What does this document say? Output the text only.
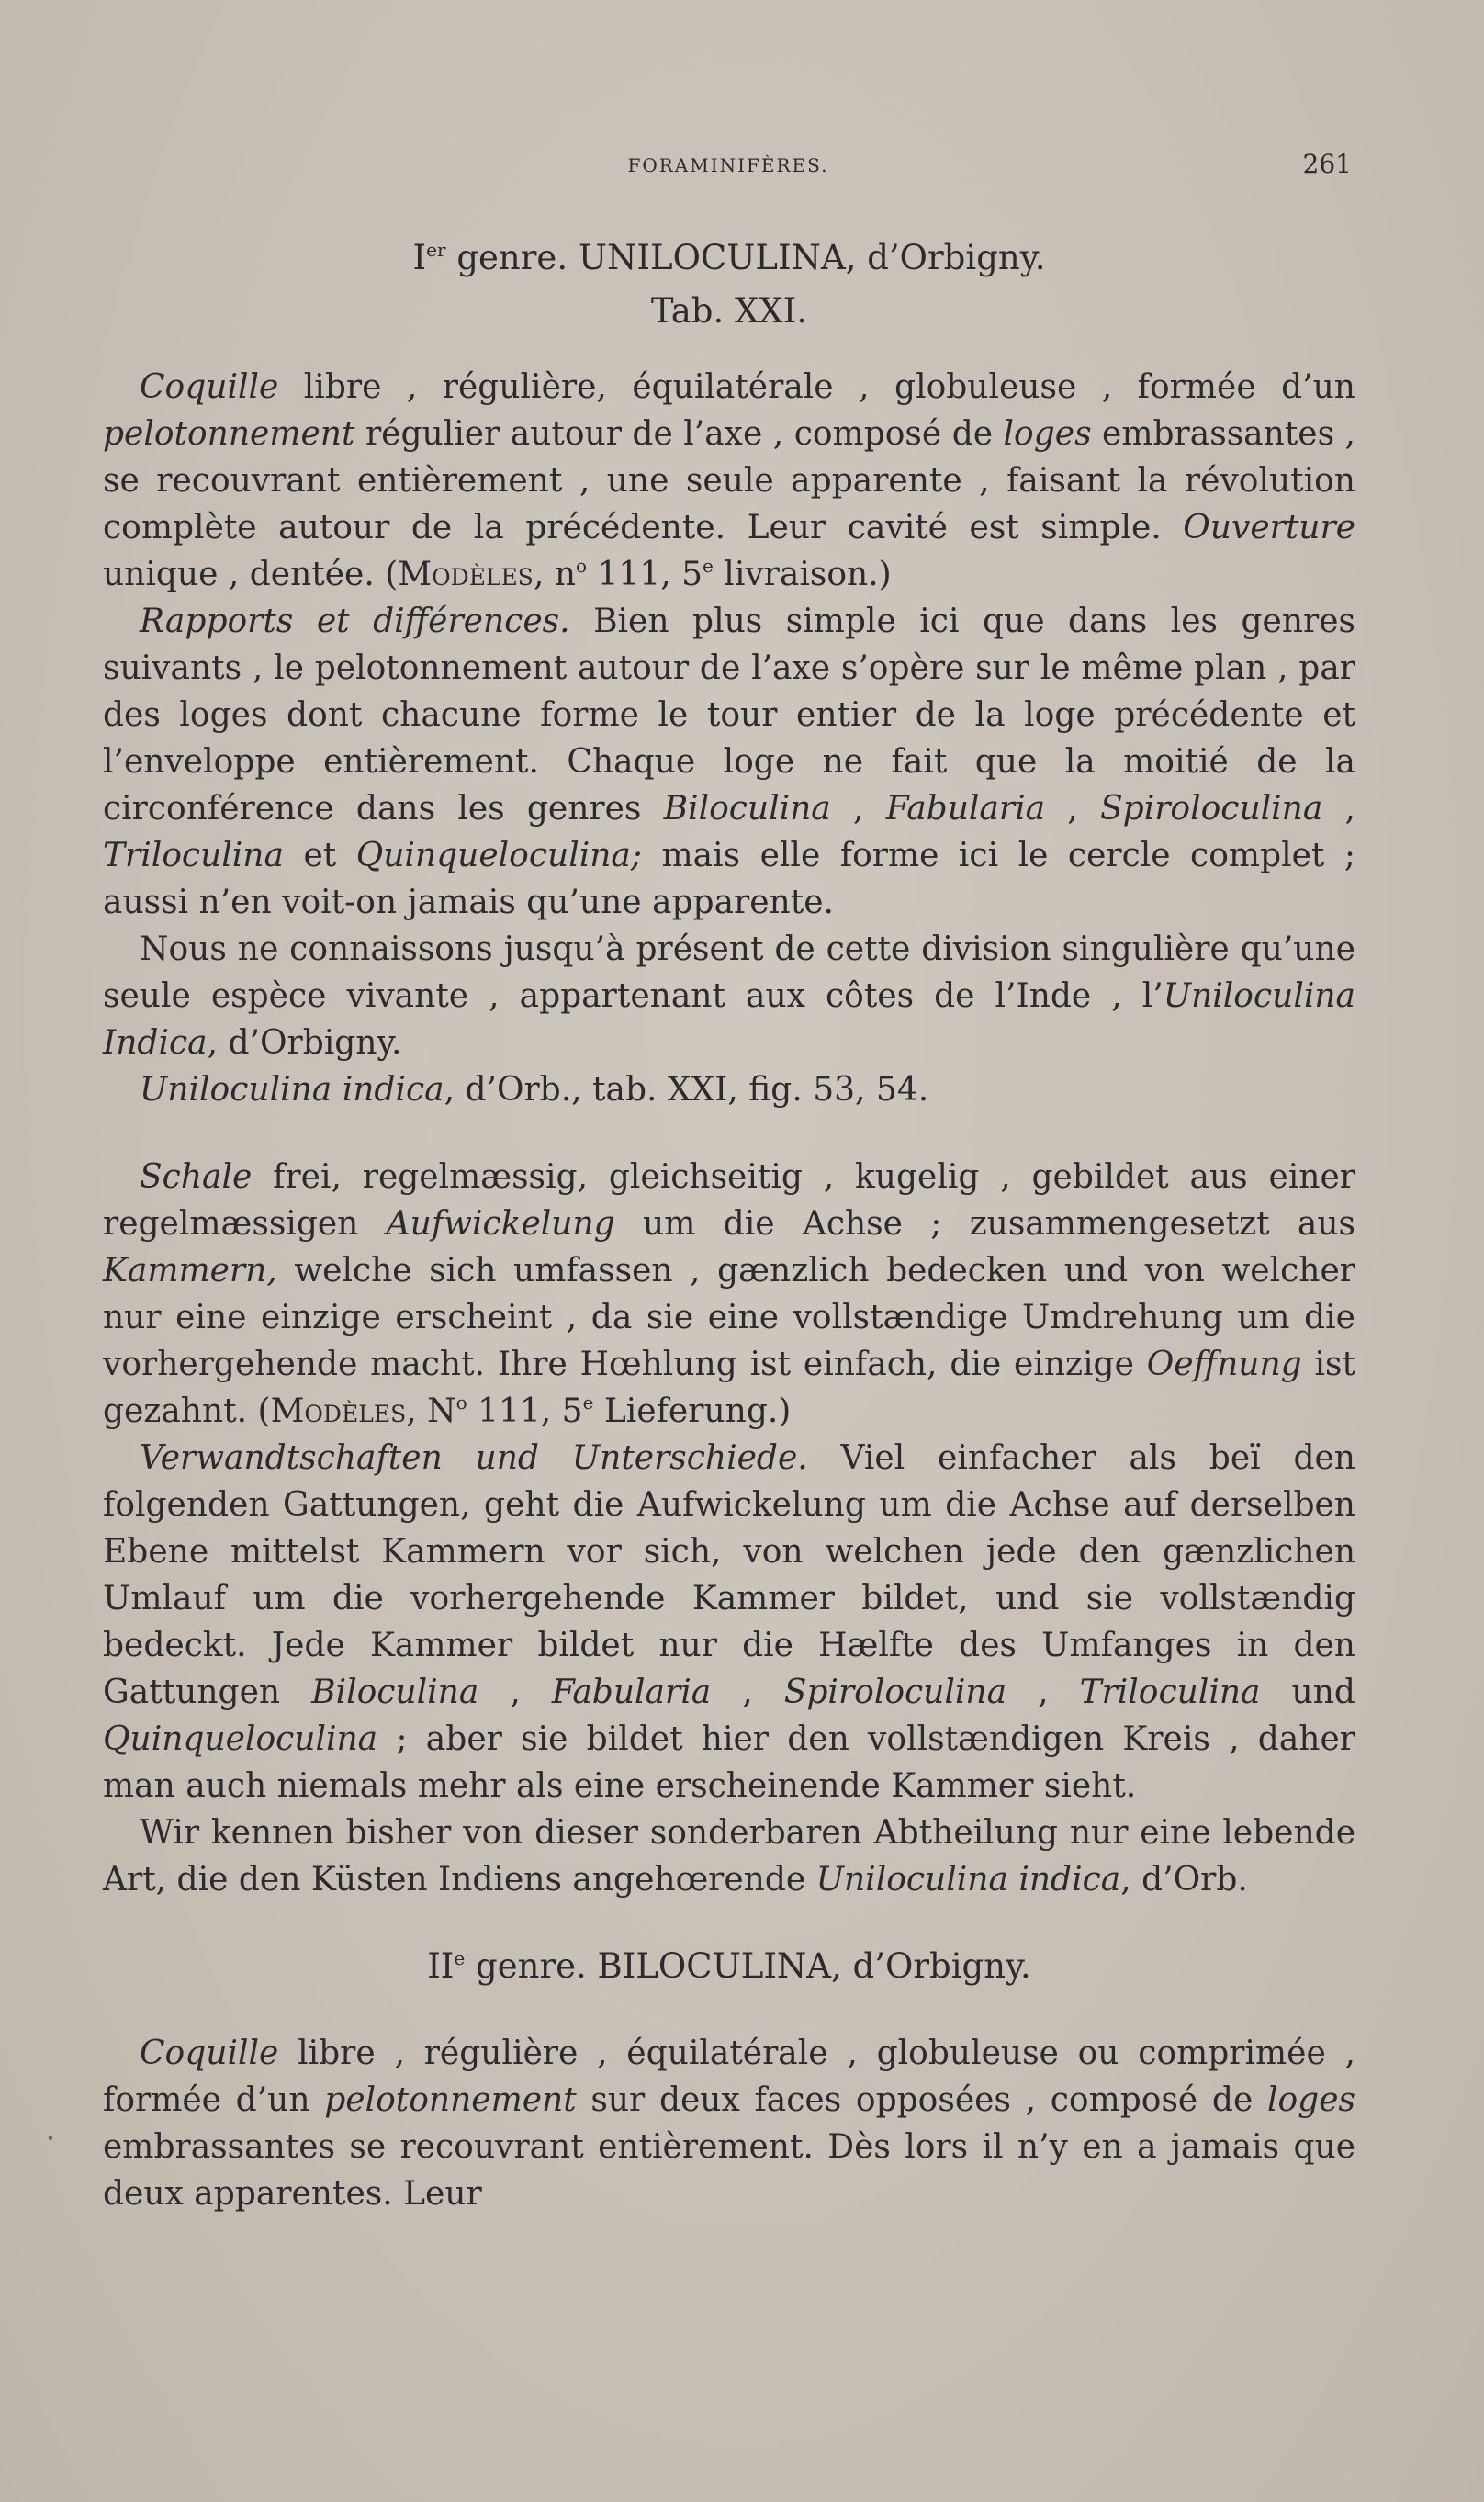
FORAMINIFÈRES.	261
Ier genre. UNILOCULINA, d’Orbigny.
Tab. XXI.

Coquille libre , régulière, équilatérale , globuleuse , formée d’un pelotonnement régulier autour de l’axe , composé de loges embrassantes , se recouvrant entièrement , une seule apparente , faisant la révolution complète autour de la précédente. Leur cavité est simple. Ouverture unique , dentée. (Modèles, $n^o$ 111, 5e livraison.)

Rapports et différences. Bien plus simple ici que dans les genres suivants , le pelotonnement autour de l’axe s’opère sur le même plan , par des loges dont chacune forme le tour entier de la loge précédente et l’enveloppe entièrement. Chaque loge ne fait que la moitié de la circonférence dans les genres Biloculina , Fabularia , Spiroloculina , Triloculina et Quinqueloculina; mais elle forme ici le cercle complet ; aussi n’en voit-on jamais qu’une apparente.

Nous ne connaissons jusqu’à présent de cette division singulière qu’une seule espèce vivante , appartenant aux côtes de l’Inde , l’Uniloculina Indica, d’Orbigny.

Uniloculina indica, d’Orb., tab. XXI, fig. 53, 54.

Schale frei, regelmæssig, gleichseitig , kugelig , gebildet aus einer regelmæssigen Aufwickelung um die Achse ; zusammengesetzt aus Kammern, welche sich umfassen , gænzlich bedecken und von welcher nur eine einzige erscheint , da sie eine vollstændige Umdrehung um die vorhergehende macht. Ihre Hœhlung ist einfach, die einzige Oeffnung ist gezahnt. (Modèles, $N^o$ 111, 5e Lieferung.)

Verwandtschaften und Unterschiede. Viel einfacher als beï den folgenden Gattungen, geht die Aufwickelung um die Achse auf derselben Ebene mittelst Kammern vor sich, von welchen jede den gænzlichen Umlauf um die vorhergehende Kammer bildet, und sie vollstændig bedeckt. Jede Kammer bildet nur die Hælfte des Umfanges in den Gattungen Biloculina , Fabularia , Spiroloculina , Triloculina und Quinqueloculina ; aber sie bildet hier den vollstændigen Kreis , daher man auch niemals mehr als eine erscheinende Kammer sieht.

Wir kennen bisher von dieser sonderbaren Abtheilung nur eine lebende Art, die den Küsten Indiens angehœrende Uniloculina indica, d’Orb.

IIe genre. BILOCULINA, d’Orbigny.

Coquille libre , régulière , équilatérale , globuleuse ou comprimée , formée d’un pelotonnement sur deux faces opposées , composé de loges embrassantes se recouvrant entièrement. Dès lors il n’y en a jamais que deux apparentes. Leur
